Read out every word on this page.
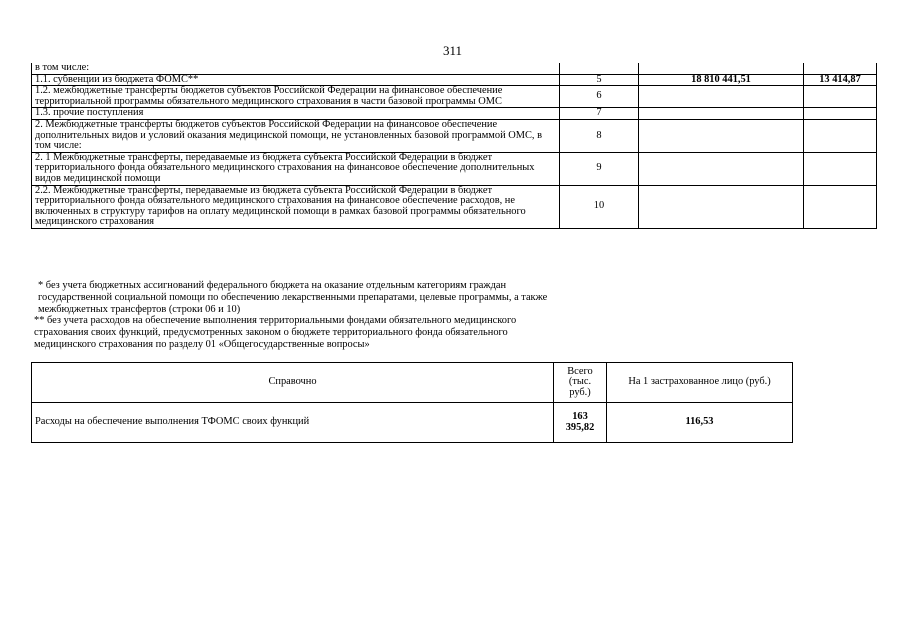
311
в том числе:			
1.1. субвенции из бюджета ФОМС**	5	18 810 441,51	13 414,87
1.2. межбюджетные трансферты бюджетов субъектов Российской Федерации на финансовое обеспечение территориальной программы обязательного медицинского страхования в части базовой программы ОМС	6		
1.3. прочие поступления	7		
2. Межбюджетные трансферты бюджетов субъектов Российской Федерации на финансовое обеспечение дополнительных видов и условий оказания медицинской помощи, не установленных базовой программой ОМС, в том числе:	8		
2. 1 Межбюджетные трансферты, передаваемые из бюджета субъекта Российской Федерации в бюджет территориального фонда обязательного медицинского страхования на финансовое обеспечение дополнительных видов медицинской помощи	9		
2.2. Межбюджетные трансферты, передаваемые из бюджета субъекта Российской Федерации в бюджет территориального фонда обязательного медицинского страхования на финансовое обеспечение расходов, не включенных в структуру тарифов на оплату медицинской помощи в рамках базовой программы обязательного медицинского страхования	10		
* без учета бюджетных ассигнований федерального бюджета на оказание отдельным категориям граждан государственной социальной помощи по обеспечению лекарственными препаратами, целевые программы, а также межбюджетных трансфертов (строки 06 и 10)
** без учета расходов на обеспечение выполнения территориальными фондами обязательного медицинского страхования своих функций, предусмотренных законом о бюджете территориального фонда обязательного медицинского страхования по разделу 01 «Общегосударственные вопросы»
Справочно	Всего (тыс. руб.)	На 1 застрахованное лицо (руб.)
Расходы на обеспечение выполнения ТФОМС своих функций	163 395,82	116,53
